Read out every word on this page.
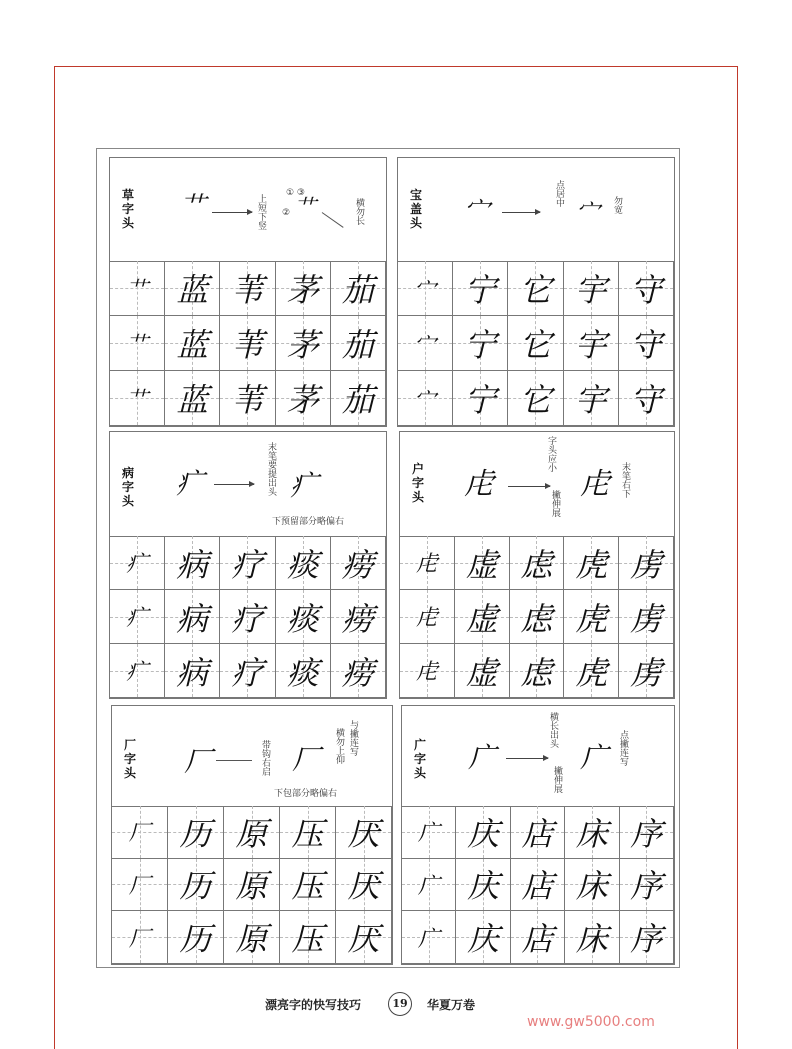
草字头
艹	上短下竖
① ③
② 艹	横勿长
艹 蓝 苇 茅 茄
艹 蓝 苇 茅 茄
艹 蓝 苇 茅 茄
宝盖头 宀
点居中
宀 勿宽
宀 宁 它 宇 守
宀 宁 它 宇 守
宀 宁 它 宇 守
病字头
疒	末笔要提出头 疒
下预留部分略偏右
疒 病 疗 痰 痨
疒 病 疗 痰 痨
疒 病 疗 痰 痨
户字头 虍
字头应小
虍 末笔右下
撇伸展
虍 虚 虑 虎 虏
虍 虚 虑 虎 虏
虍 虚 虑 虎 虏
厂字头 厂	带钩右启 厂 横勿上仰 与撇连写
下包部分略偏右
厂 历 原 压 厌
厂 历 原 压 厌
厂 历 原 压 厌
广字头 广
横长出头
广
撇伸展
点撇连写
广 庆 店 床 序
广 庆 店 床 序
广 庆 店 床 序
漂亮字的快写技巧	19	华夏万卷
www.gw5000.com
